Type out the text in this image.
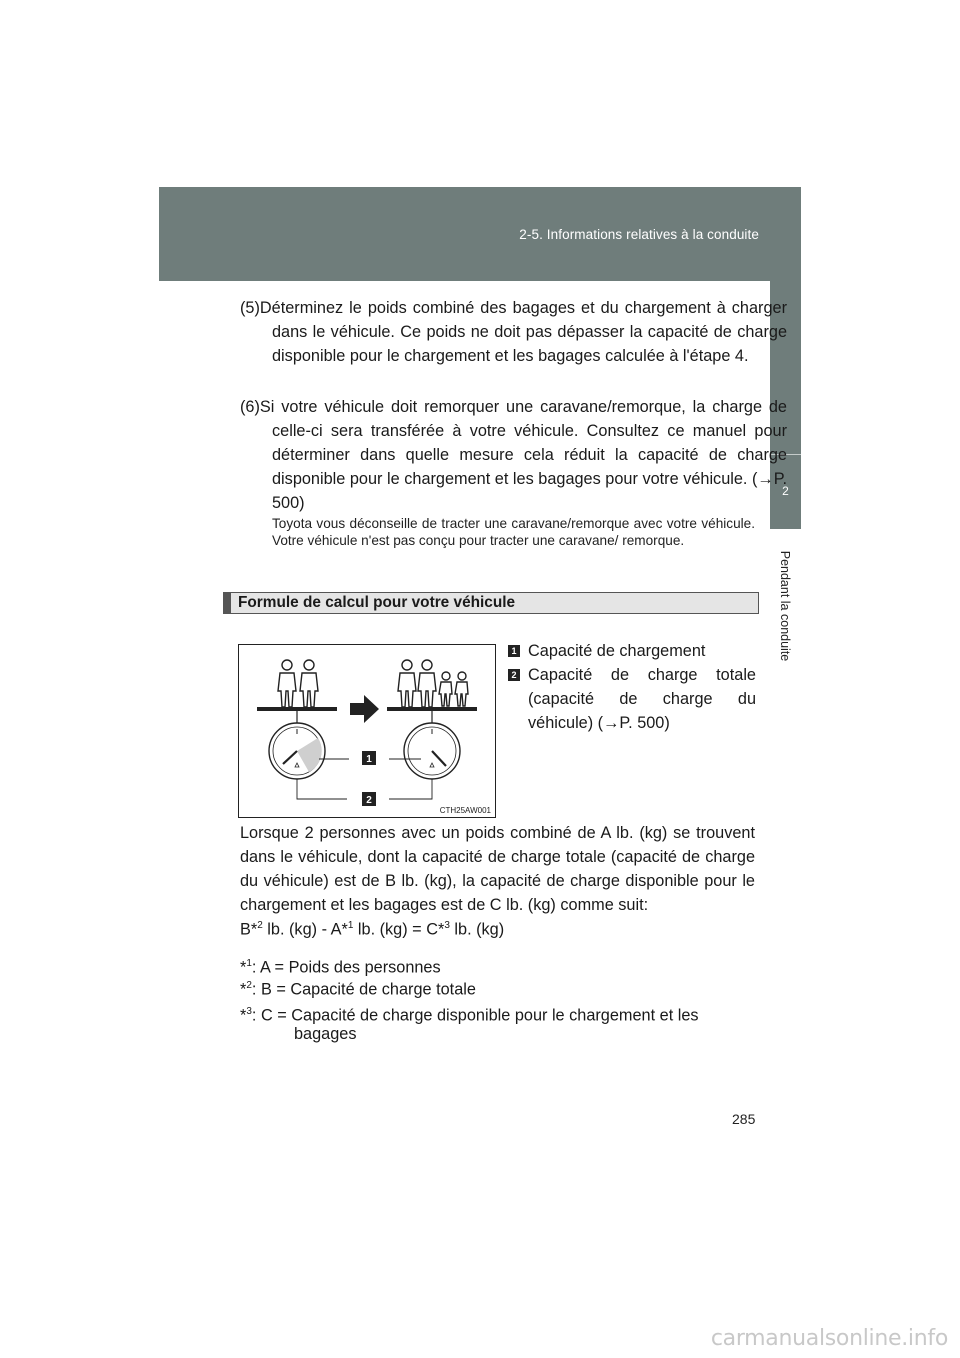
2-5. Informations relatives à la conduite
2
Pendant la conduite
(5)Déterminez le poids combiné des bagages et du chargement à charger dans le véhicule. Ce poids ne doit pas dépasser la capacité de charge disponible pour le chargement et les bagages calculée à l'étape 4.
(6)Si votre véhicule doit remorquer une caravane/remorque, la charge de celle-ci sera transférée à votre véhicule. Consultez ce manuel pour déterminer dans quelle mesure cela réduit la capacité de charge disponible pour le chargement et les bagages pour votre véhicule. (→P. 500)
Toyota vous déconseille de tracter une caravane/remorque avec votre véhicule. Votre véhicule n'est pas conçu pour tracter une caravane/ remorque.
Formule de calcul pour votre véhicule
1
2
CTH25AW001
1 Capacité de chargement
2 Capacité de charge totale (capacité de charge du véhicule) (→P. 500)
Lorsque 2 personnes avec un poids combiné de A lb. (kg) se trouvent dans le véhicule, dont la capacité de charge totale (capacité de charge du véhicule) est de B lb. (kg), la capacité de charge disponible pour le chargement et les bagages est de C lb. (kg) comme suit:
B*$^2$ lb. (kg) - A*$^1$ lb. (kg) = C*$^3$ lb. (kg)
*$^1$: A = Poids des personnes
*$^2$: B = Capacité de charge totale
*$^3$: C = Capacité de charge disponible pour le chargement et les
bagages
285
carmanualsonline.info
